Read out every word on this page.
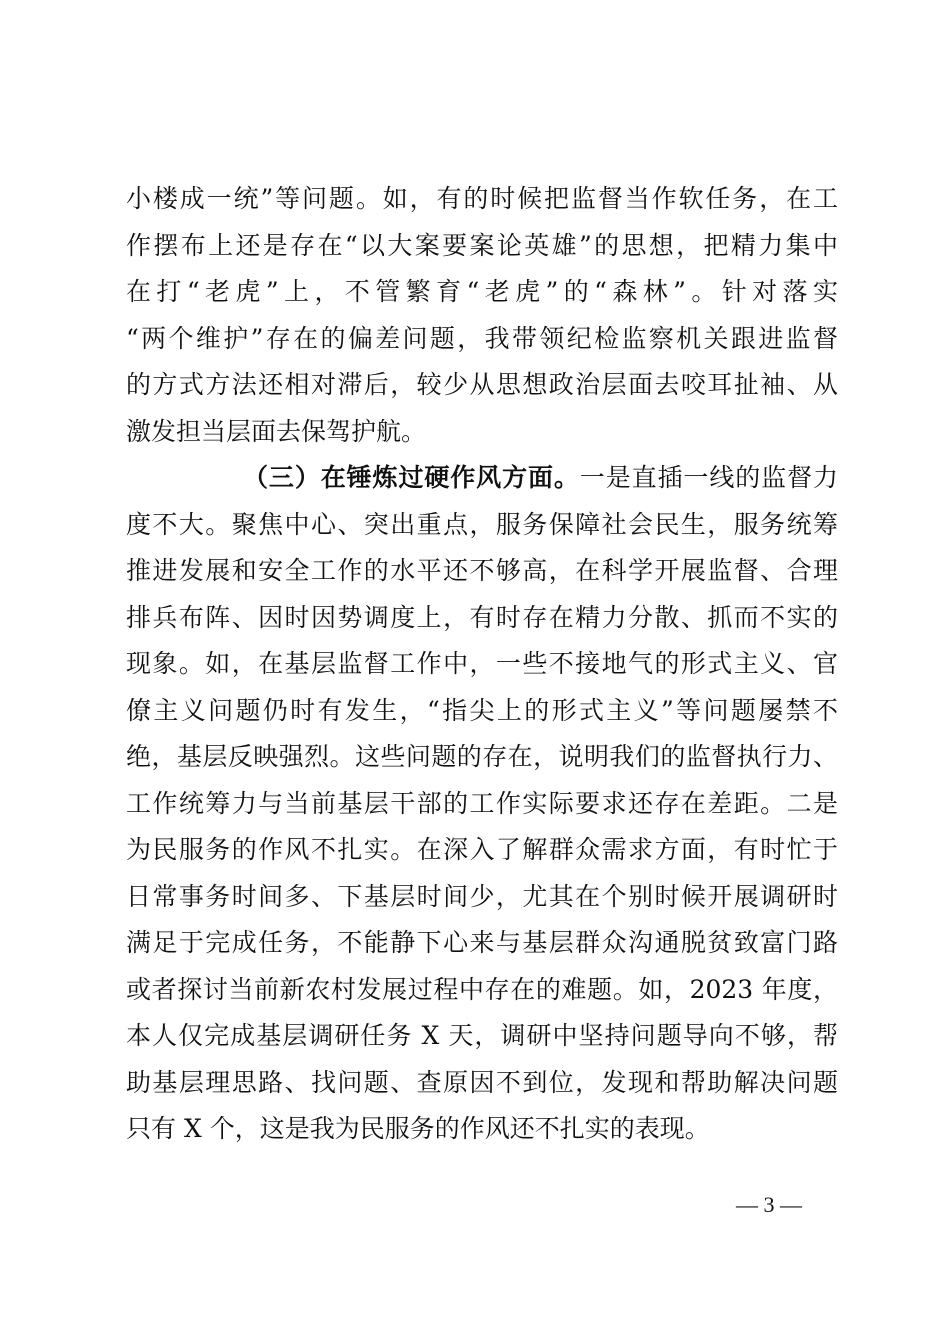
小楼成一统”等问题。如，有的时候把监督当作软任务，在工
作摆布上还是存在“以大案要案论英雄”的思想，把精力集中
在打“老虎”上，不管繁育“老虎”的“森林”。针对落实
“两个维护”存在的偏差问题，我带领纪检监察机关跟进监督
的方式方法还相对滞后，较少从思想政治层面去咬耳扯袖、从
激发担当层面去保驾护航。
（三）在锤炼过硬作风方面。一是直插一线的监督力
度不大。聚焦中心、突出重点，服务保障社会民生，服务统筹
推进发展和安全工作的水平还不够高，在科学开展监督、合理
排兵布阵、因时因势调度上，有时存在精力分散、抓而不实的
现象。如，在基层监督工作中，一些不接地气的形式主义、官
僚主义问题仍时有发生，“指尖上的形式主义”等问题屡禁不
绝，基层反映强烈。这些问题的存在，说明我们的监督执行力、
工作统筹力与当前基层干部的工作实际要求还存在差距。二是
为民服务的作风不扎实。在深入了解群众需求方面，有时忙于
日常事务时间多、下基层时间少，尤其在个别时候开展调研时
满足于完成任务，不能静下心来与基层群众沟通脱贫致富门路
或者探讨当前新农村发展过程中存在的难题。如，2023 年度，
本人仅完成基层调研任务 X 天，调研中坚持问题导向不够，帮
助基层理思路、找问题、查原因不到位，发现和帮助解决问题
只有 X 个，这是我为民服务的作风还不扎实的表现。
— 3 —
